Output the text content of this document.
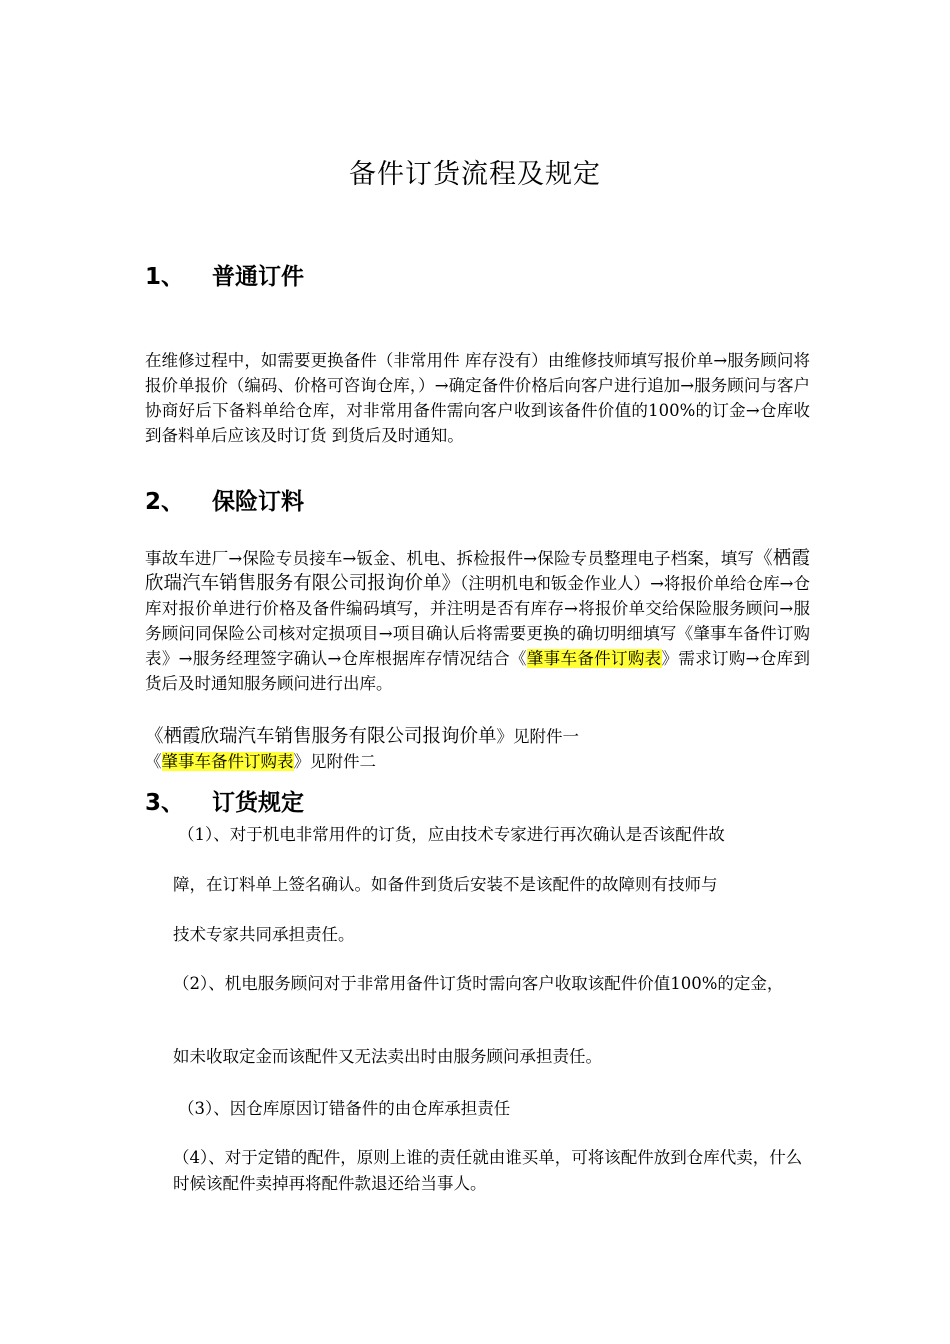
备件订货流程及规定
1、 普通订件
在维修过程中，如需要更换备件（非常用件 库存没有）由维修技师填写报价单→服务顾问将报价单报价（编码、价格可咨询仓库，）→确定备件价格后向客户进行追加→服务顾问与客户协商好后下备料单给仓库，对非常用备件需向客户收到该备件价值的100%的订金→仓库收到备料单后应该及时订货 到货后及时通知。
2、 保险订料
事故车进厂→保险专员接车→钣金、机电、拆检报件→保险专员整理电子档案，填写《栖霞欣瑞汽车销售服务有限公司报询价单》（注明机电和钣金作业人）→将报价单给仓库→仓库对报价单进行价格及备件编码填写，并注明是否有库存→将报价单交给保险服务顾问→服务顾问同保险公司核对定损项目→项目确认后将需要更换的确切明细填写《肇事车备件订购表》→服务经理签字确认→仓库根据库存情况结合《肇事车备件订购表》需求订购→仓库到货后及时通知服务顾问进行出库。
《栖霞欣瑞汽车销售服务有限公司报询价单》见附件一
《肇事车备件订购表》见附件二
3、 订货规定
（1）、对于机电非常用件的订货，应由技术专家进行再次确认是否该配件故
障，在订料单上签名确认。如备件到货后安装不是该配件的故障则有技师与
技术专家共同承担责任。
（2）、机电服务顾问对于非常用备件订货时需向客户收取该配件价值100%的定金，
如未收取定金而该配件又无法卖出时由服务顾问承担责任。
（3）、因仓库原因订错备件的由仓库承担责任
（4）、对于定错的配件，原则上谁的责任就由谁买单，可将该配件放到仓库代卖，什么时候该配件卖掉再将配件款退还给当事人。
